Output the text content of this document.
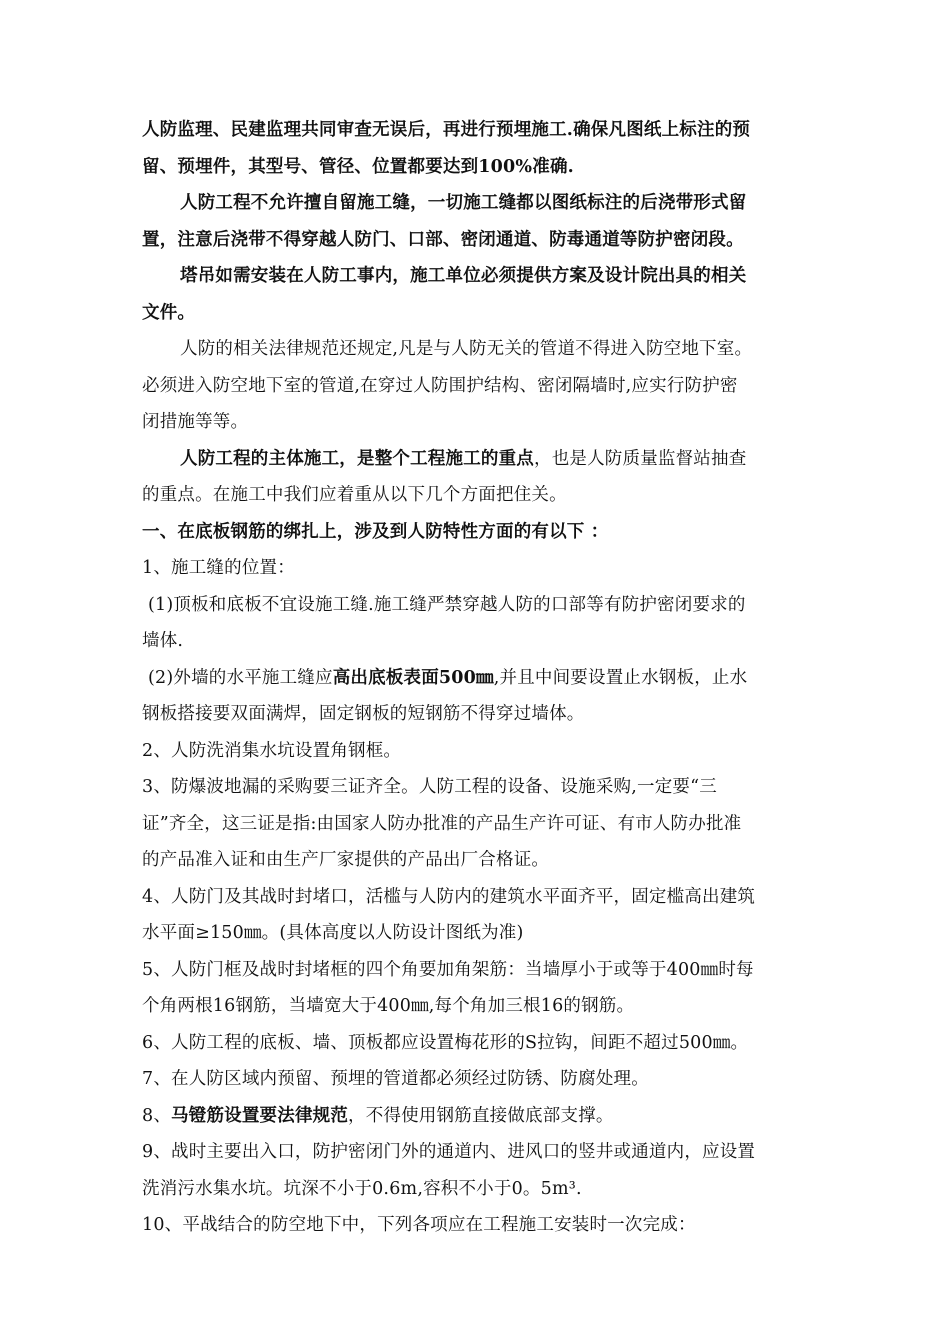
人防监理、民建监理共同审查无误后，再进行预埋施工.确保凡图纸上标注的预
留、预埋件，其型号、管径、位置都要达到100%准确.
人防工程不允许擅自留施工缝，一切施工缝都以图纸标注的后浇带形式留
置，注意后浇带不得穿越人防门、口部、密闭通道、防毒通道等防护密闭段。
塔吊如需安装在人防工事内，施工单位必须提供方案及设计院出具的相关
文件。
人防的相关法律规范还规定,凡是与人防无关的管道不得进入防空地下室。
必须进入防空地下室的管道,在穿过人防围护结构、密闭隔墙时,应实行防护密
闭措施等等。
人防工程的主体施工，是整个工程施工的重点，也是人防质量监督站抽查
的重点。在施工中我们应着重从以下几个方面把住关。
一、在底板钢筋的绑扎上，涉及到人防特性方面的有以下 ：
1、施工缝的位置：
(1)顶板和底板不宜设施工缝.施工缝严禁穿越人防的口部等有防护密闭要求的
墙体.
(2)外墙的水平施工缝应高出底板表面500㎜,并且中间要设置止水钢板，止水
钢板搭接要双面满焊，固定钢板的短钢筋不得穿过墙体。
2、人防洗消集水坑设置角钢框。
3、防爆波地漏的采购要三证齐全。人防工程的设备、设施采购,一定要“三
证”齐全，这三证是指:由国家人防办批准的产品生产许可证、有市人防办批准
的产品准入证和由生产厂家提供的产品出厂合格证。
4、人防门及其战时封堵口，活槛与人防内的建筑水平面齐平，固定槛高出建筑
水平面≥150㎜。(具体高度以人防设计图纸为准)
5、人防门框及战时封堵框的四个角要加角架筋：当墙厚小于或等于400㎜时每
个角两根16钢筋，当墙宽大于400㎜,每个角加三根16的钢筋。
6、人防工程的底板、墙、顶板都应设置梅花形的S拉钩，间距不超过500㎜。
7、在人防区域内预留、预埋的管道都必须经过防锈、防腐处理。
8、马镫筋设置要法律规范，不得使用钢筋直接做底部支撑。
9、战时主要出入口，防护密闭门外的通道内、进风口的竖井或通道内，应设置
洗消污水集水坑。坑深不小于0.6m,容积不小于0。5m³.
10、平战结合的防空地下中，下列各项应在工程施工安装时一次完成：
